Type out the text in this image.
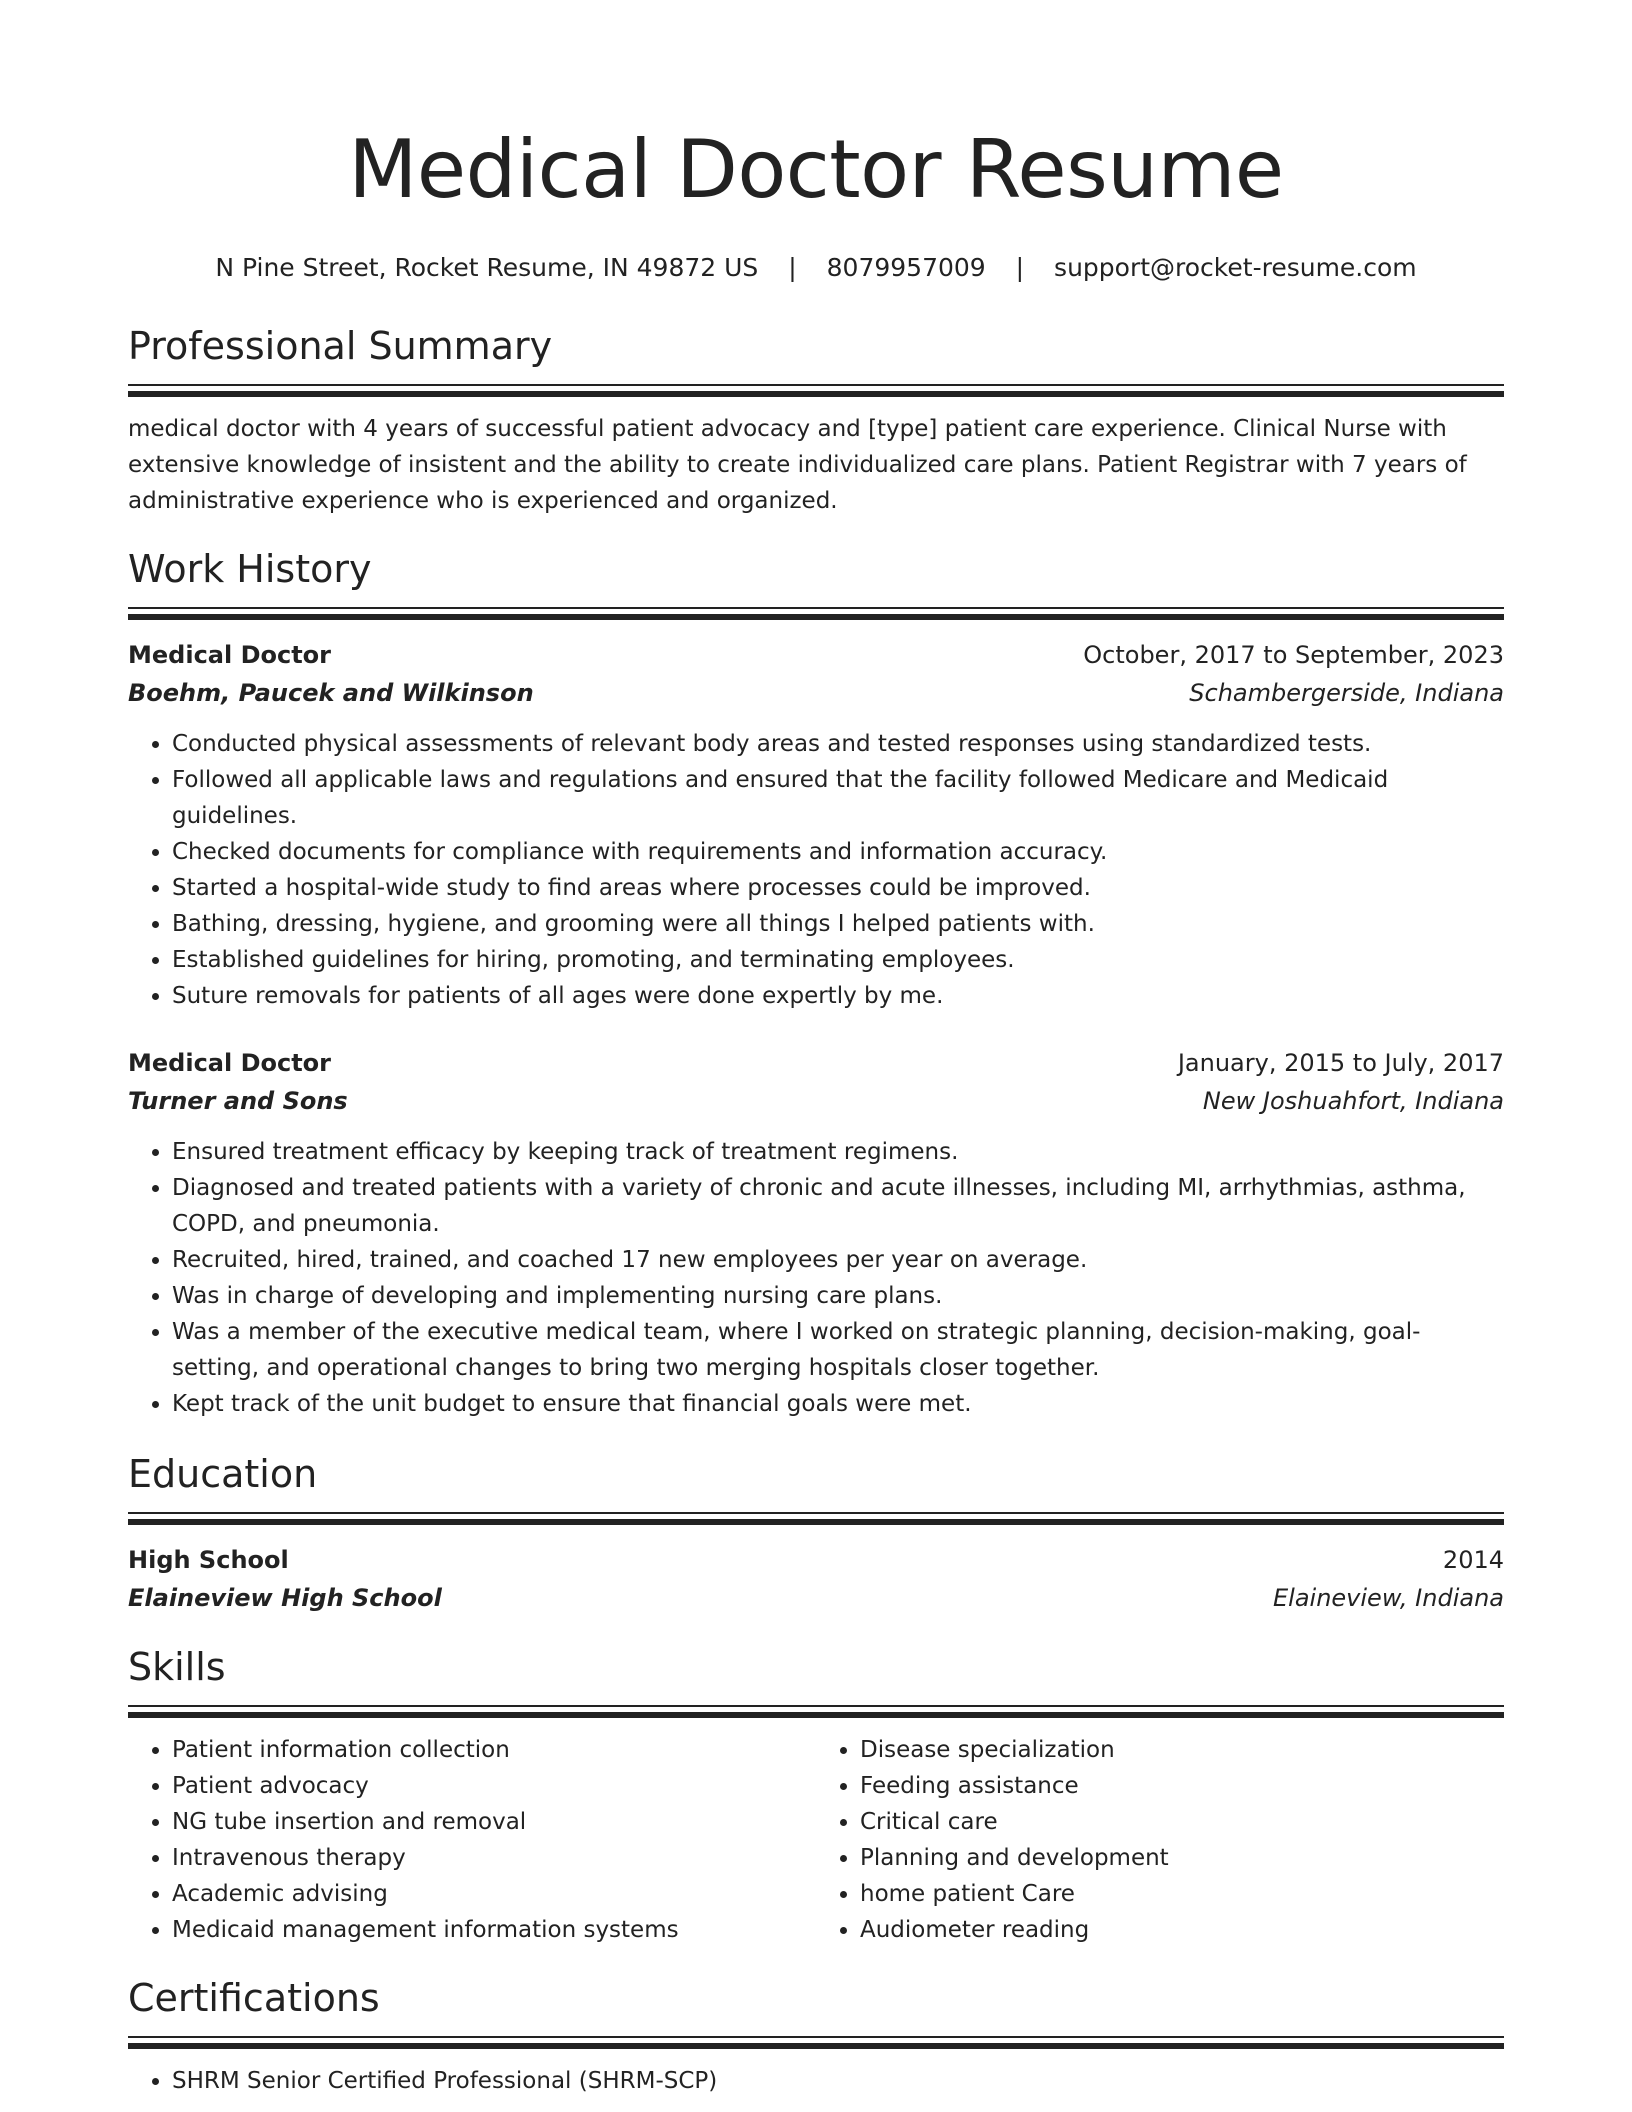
Medical Doctor Resume
N Pine Street, Rocket Resume, IN 49872 US | 8079957009 | support@rocket-resume.com
Professional Summary

medical doctor with 4 years of successful patient advocacy and [type] patient care experience. Clinical Nurse with extensive knowledge of insistent and the ability to create individualized care plans. Patient Registrar with 7 years of administrative experience who is experienced and organized.

Work History
Medical Doctor	October, 2017 to September, 2023
Boehm, Paucek and Wilkinson	Schambergerside, Indiana
• Conducted physical assessments of relevant body areas and tested responses using standardized tests.
• Followed all applicable laws and regulations and ensured that the facility followed Medicare and Medicaid guidelines.
• Checked documents for compliance with requirements and information accuracy.
• Started a hospital-wide study to find areas where processes could be improved.
• Bathing, dressing, hygiene, and grooming were all things I helped patients with.
• Established guidelines for hiring, promoting, and terminating employees.
• Suture removals for patients of all ages were done expertly by me.
Medical Doctor	January, 2015 to July, 2017
Turner and Sons	New Joshuahfort, Indiana
• Ensured treatment efficacy by keeping track of treatment regimens.
• Diagnosed and treated patients with a variety of chronic and acute illnesses, including MI, arrhythmias, asthma, COPD, and pneumonia.
• Recruited, hired, trained, and coached 17 new employees per year on average.
• Was in charge of developing and implementing nursing care plans.
• Was a member of the executive medical team, where I worked on strategic planning, decision-making, goal-setting, and operational changes to bring two merging hospitals closer together.
• Kept track of the unit budget to ensure that financial goals were met.
Education
High School	2014
Elaineview High School	Elaineview, Indiana
Skills
• Patient information collection
• Patient advocacy
• NG tube insertion and removal
• Intravenous therapy
• Academic advising
• Medicaid management information systems
• Disease specialization
• Feeding assistance
• Critical care
• Planning and development
• home patient Care
• Audiometer reading
Certifications
• SHRM Senior Certified Professional (SHRM-SCP)
